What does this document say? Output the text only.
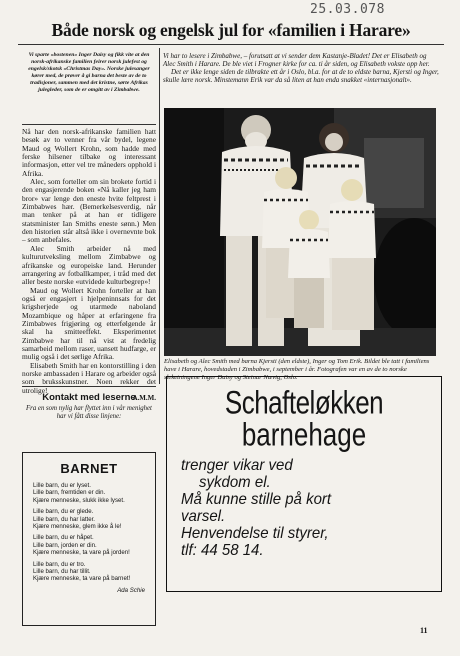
25.03.078
Både norsk og engelsk jul for «familien i Harare»
Vi sparte «bostenen» Inger Daisy og fikk vite at den norsk-afrikanske familien feirer norsk julefest og engelsk/skotsk «Christmas Day». Norske julesanger kører med, de prøver å gi barna det beste av de to tradisjoner, sammen med det kristne, sørte Afrikas julegleder, som de er omgitt av i Zimbabwe.

Vi har to lesere i Zimbabwe, – forutsatt at vi sender dem Kastanje-Bladet! Det er Elisabeth og Alec Smith i Harare. De ble viet i Frogner kirke for ca. ti år siden, og Elisabeth vokste opp her.

Det er ikke lenge siden de tilbrakte ett år i Oslo, bl.a. for at de to eldste barna, Kjersti og Inger, skulle lære norsk. Minstemann Erik var da så liten at han enda snakket «internasjonalt».

Nå har den norsk-afrikanske familien hatt besøk av to venner fra vår bydel, legene Maud og Wollert Krohn, som hadde med ferske hilsener tilbake og interessant informasjon, etter vel tre måneders opphold i Afrika.

Alec, som forteller om sin brokete fortid i den engasjerende boken «Nå kaller jeg ham bror» var lenge den eneste hvite feltprest i Zimbabwes hær. (Bemerkelsesverdig, når man tenker på at han er tidligere statsminister Ian Smiths eneste sønn.) Men den historien står altså ikke i overnevnte bok – som anbefales.

Alec Smith arbeider nå med kulturutveksling mellom Zimbabwe og afrikanske og europeiske land. Herunder arrangering av fotballkamper, i tråd med det aller beste norske «utvidede kulturbegrep»!

Maud og Wollert Krohn forteller at han også er engasjert i hjelpeninnsats for det krigsherjede og utarmede naboland Mozambique og håper at erfaringene fra Zimbabwes frigjøring og etterfølgende år skal ha smitteeffekt. Eksperimentet Zimbabwe har til nå vist at fredelig samarbeid mellom raser, uansett hudfarge, er mulig også i det sørlige Afrika.

Elisabeth Smith har en kontorstilling i den norske ambassaden i Harare og arbeider også som bruksskunstner. Noen rekker det utrolige!

A.M.M.
Elisabeth og Alec Smith med barna Kjersti (den eldste), Inger og Tom Erik. Bildet ble tatt i familiens have i Harare, hovedstaden i Zimbabwe, i september i år. Fotografen var en av de to norske sleketningene Inger Daisy og Steinar Nævig, Oslo.
Kontakt med leserne
Fra en som nylig har flyttet inn i vår menighet har vi fått disse linjene:
BARNET
Lille barn, du er lyset.
Lille barn, fremtiden er din.
Kjære menneske, slukk ikke lyset.
Lille barn, du er glede.
Lille barn, du har latter.
Kjære menneske, glem ikke å le!
Lille barn, du er håpet.
Lille barn, jorden er din.
Kjære menneske, ta vare på jorden!
Lille barn, du er tro.
Lille barn, du har tillit.
Kjære menneske, ta vare på barnet!
Ada Schie
Schafteløkken
barnehage
trenger vikar ved
sykdom el.
Må kunne stille på kort
varsel.
Henvendelse til styrer,
tlf: 44 58 14.
11
